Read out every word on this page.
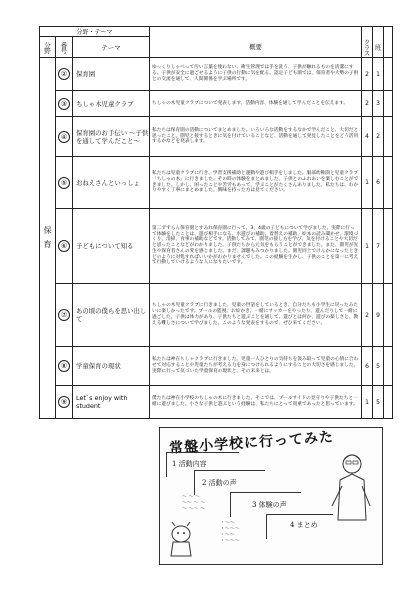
分野・テーマ						
分野	番号	テーマ	概要	クラス	班	
保育	②	保育園	ゆっくりしゃべって汚い言葉を使わない。衛生管理では手を洗う、子供が触れるものを清潔にする。子供が安全に過ごせるように子供の行動に気を配る。認定子ども園では、保育者や大勢の子供との交流を通して、人間関係を学ぶ場所です。	2	1	
	③	ちしゃ木児童クラブ	ちしゃの木児童クラブについて発表します。活動内容、体験を通して学んだことを伝えます。	2	3	
	④	保育園のお手伝い ～子供を通して学んだこと～	私たちは保育園の活動についてまとめました。いろいろな活動をするなかで学んだこと、大切だと思ったこと。園児と接するときに気を付けていることなど、活動を通して発見したことをどう活用するかなどを発表します。	4	2	
	⑤	おねえさんといっしょ	私たちは児童クラブに行き、学習支援補助と運動や遊び相手をしました。服部幼稚園と児童クラブ「ちしゃの木」に行きました。その時の体験をまとめました。子供とのふれあいを楽しむことができました。しかし、困ったことや苦労もあって、学ぶことがたくさんありました。私たちは、わかりやすく丁寧にまとめました。興味を持った方は見てください。	1	6	
	⑥	子どもについて知る	第二ずずらん保育園とすみれ保育園に行って、3、4歳の子どもについて学びました。実際に行って体験をしたことは、遊び相手になる、水遊びの補助、着替えの補助、絵本の読み聞かせ、環境づくり、清掃、食事の補助などです。活動してみて、園児の接し方を学び、気を付けることや大切だと思ったことなどがわかりました。子供たちから元気をもらうことができました。また、園児が先生や保育者さんの愛を感じました。まだ、課題もみつかりました。園児同士でけんかになったときどのように対処すればいいかがわかりませんでした。この経験を生かし、子供のことを第一に考えて行動していけるような人になりたいです。	1	7	
	⑦	あの頃の僕らを思い出して	ちしゃの木児童クラブに行きました。児童の世話をしているとき、自分たちも小学生に戻ったみたいに楽しかったです。プールの監視、お絵かき、一緒にサッカーをやったり、遊んだりして一緒に過ごした。子供は体力があり、子供たちと遊ぶことを通して、遊びとは何か、遊びの楽しさと、教える難しさについて学びました。このような発表をするので、ぜひ来てください。	2	9	
	⑧	学童保育の現状	私たちは神在ちしゃクラブに行きました。児童一人ひとりの気持ちを汲み取って児童の心情に合わせて対応することや児童たちが考える力を身につけられるようにすることの大切さを感じました。実際に行って気づいた学童保育の現状と、その未来とは。	6	5	
	⑨	Let`s enjoy with student	僕たちは神在小学校のちしゃの木に行きました。そこでは、プールサイドの見守りや子供たちと一緒に遊びました。小さな子供と遊ぶという経験は、私たちにとって貴重であったと思っています。	1	5	
常盤小学校に行ってみた
1 活動内容
2 活動の声
3 体験の声
4 まとめ
〜 〜 〜
〜〜 〜 〜
〜 〜〜 〜
・〜〜
・〜〜〜
・〜〜
・〜〜〜
